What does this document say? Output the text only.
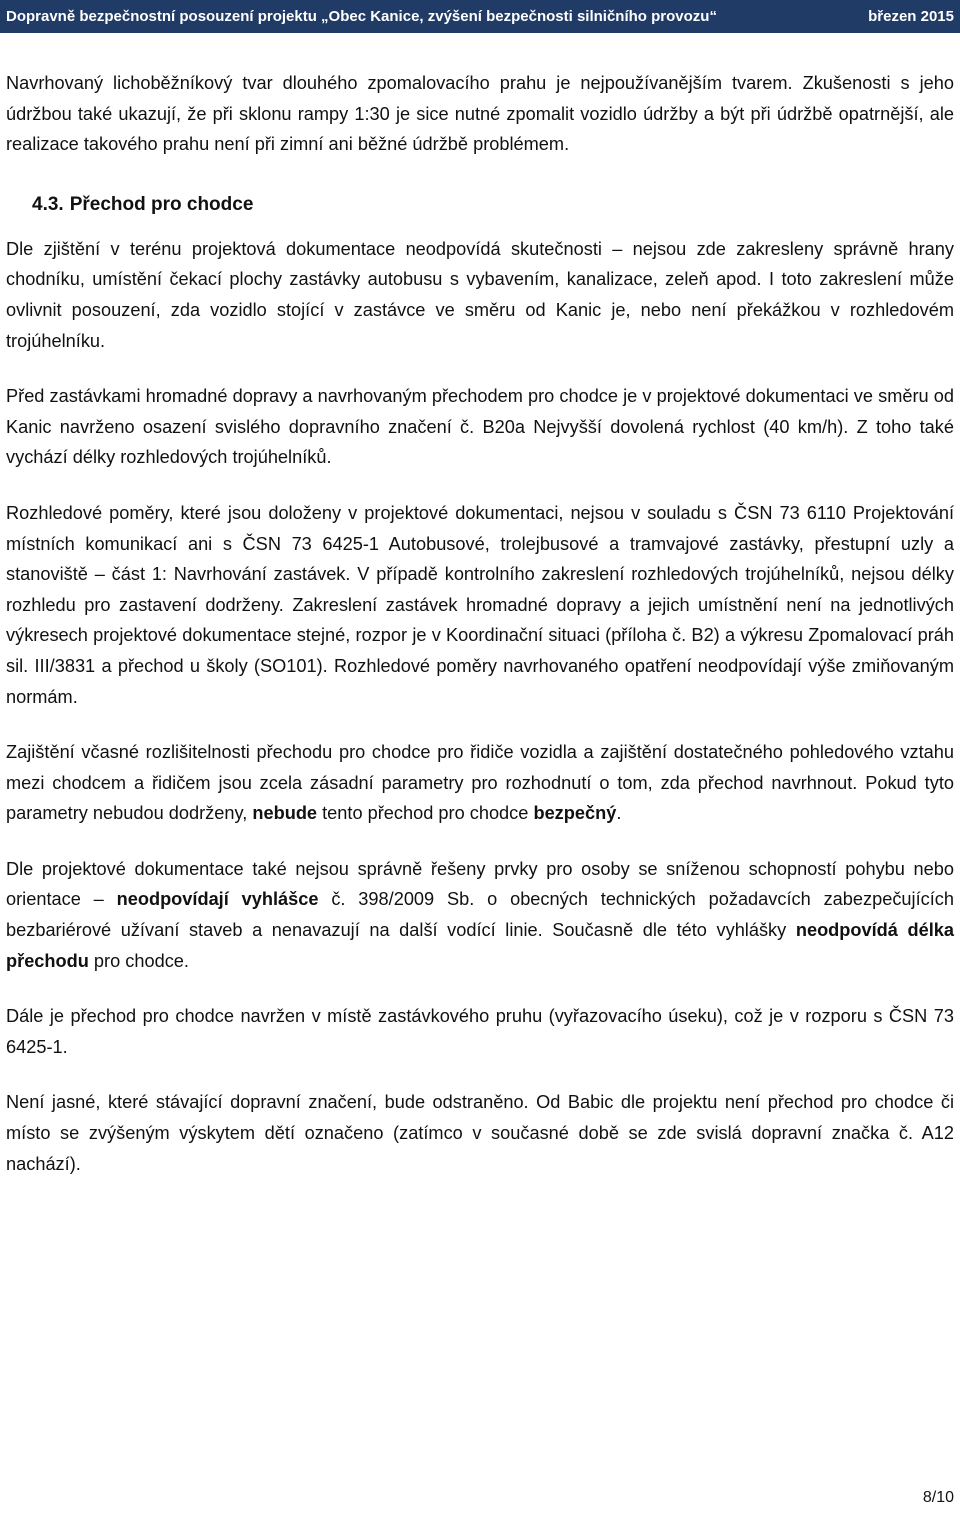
Dopravně bezpečnostní posouzení projektu „Obec Kanice, zvýšení bezpečnosti silničního provozu“	březen 2015

Navrhovaný lichoběžníkový tvar dlouhého zpomalovacího prahu je nejpoužívanějším tvarem. Zkušenosti s jeho údržbou také ukazují, že při sklonu rampy 1:30 je sice nutné zpomalit vozidlo údržby a být při údržbě opatrnější, ale realizace takového prahu není při zimní ani běžné údržbě problémem.

4.3. Přechod pro chodce

Dle zjištění v terénu projektová dokumentace neodpovídá skutečnosti – nejsou zde zakresleny správně hrany chodníku, umístění čekací plochy zastávky autobusu s vybavením, kanalizace, zeleň apod. I toto zakreslení může ovlivnit posouzení, zda vozidlo stojící v zastávce ve směru od Kanic je, nebo není překážkou v rozhledovém trojúhelníku.

Před zastávkami hromadné dopravy a navrhovaným přechodem pro chodce je v projektové dokumentaci ve směru od Kanic navrženo osazení svislého dopravního značení č. B20a Nejvyšší dovolená rychlost (40 km/h). Z toho také vychází délky rozhledových trojúhelníků.

Rozhledové poměry, které jsou doloženy v projektové dokumentaci, nejsou v souladu s ČSN 73 6110 Projektování místních komunikací ani s ČSN 73 6425-1 Autobusové, trolejbusové a tramvajové zastávky, přestupní uzly a stanoviště – část 1: Navrhování zastávek. V případě kontrolního zakreslení rozhledových trojúhelníků, nejsou délky rozhledu pro zastavení dodrženy. Zakreslení zastávek hromadné dopravy a jejich umístnění není na jednotlivých výkresech projektové dokumentace stejné, rozpor je v Koordinační situaci (příloha č. B2) a výkresu Zpomalovací práh sil. III/3831 a přechod u školy (SO101). Rozhledové poměry navrhovaného opatření neodpovídají výše zmiňovaným normám.

Zajištění včasné rozlišitelnosti přechodu pro chodce pro řidiče vozidla a zajištění dostatečného pohledového vztahu mezi chodcem a řidičem jsou zcela zásadní parametry pro rozhodnutí o tom, zda přechod navrhnout. Pokud tyto parametry nebudou dodrženy, nebude tento přechod pro chodce bezpečný.

Dle projektové dokumentace také nejsou správně řešeny prvky pro osoby se sníženou schopností pohybu nebo orientace – neodpovídají vyhlášce č. 398/2009 Sb. o obecných technických požadavcích zabezpečujících bezbariérové užívaní staveb a nenavazují na další vodící linie. Současně dle této vyhlášky neodpovídá délka přechodu pro chodce.

Dále je přechod pro chodce navržen v místě zastávkového pruhu (vyřazovacího úseku), což je v rozporu s ČSN 73 6425-1.

Není jasné, které stávající dopravní značení, bude odstraněno. Od Babic dle projektu není přechod pro chodce či místo se zvýšeným výskytem dětí označeno (zatímco v současné době se zde svislá dopravní značka č. A12 nachází).

8/10
